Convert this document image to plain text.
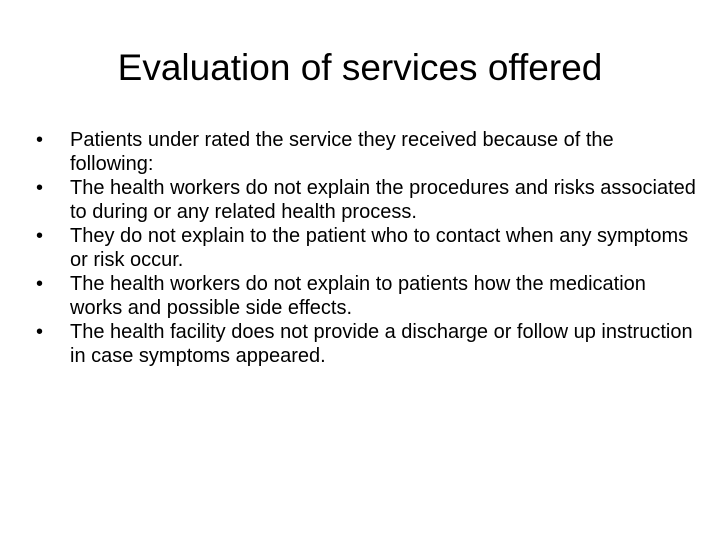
Evaluation of services offered
•	Patients under rated the service they received because of the following:
•	The health workers do not explain the procedures and risks associated to during or any related health process.
•	They do not explain to the patient who to contact when any symptoms or risk occur.
•	The health workers do not explain to patients how the medication works and possible side effects.
•	The health facility does not provide a discharge or follow up instruction in case symptoms appeared.
